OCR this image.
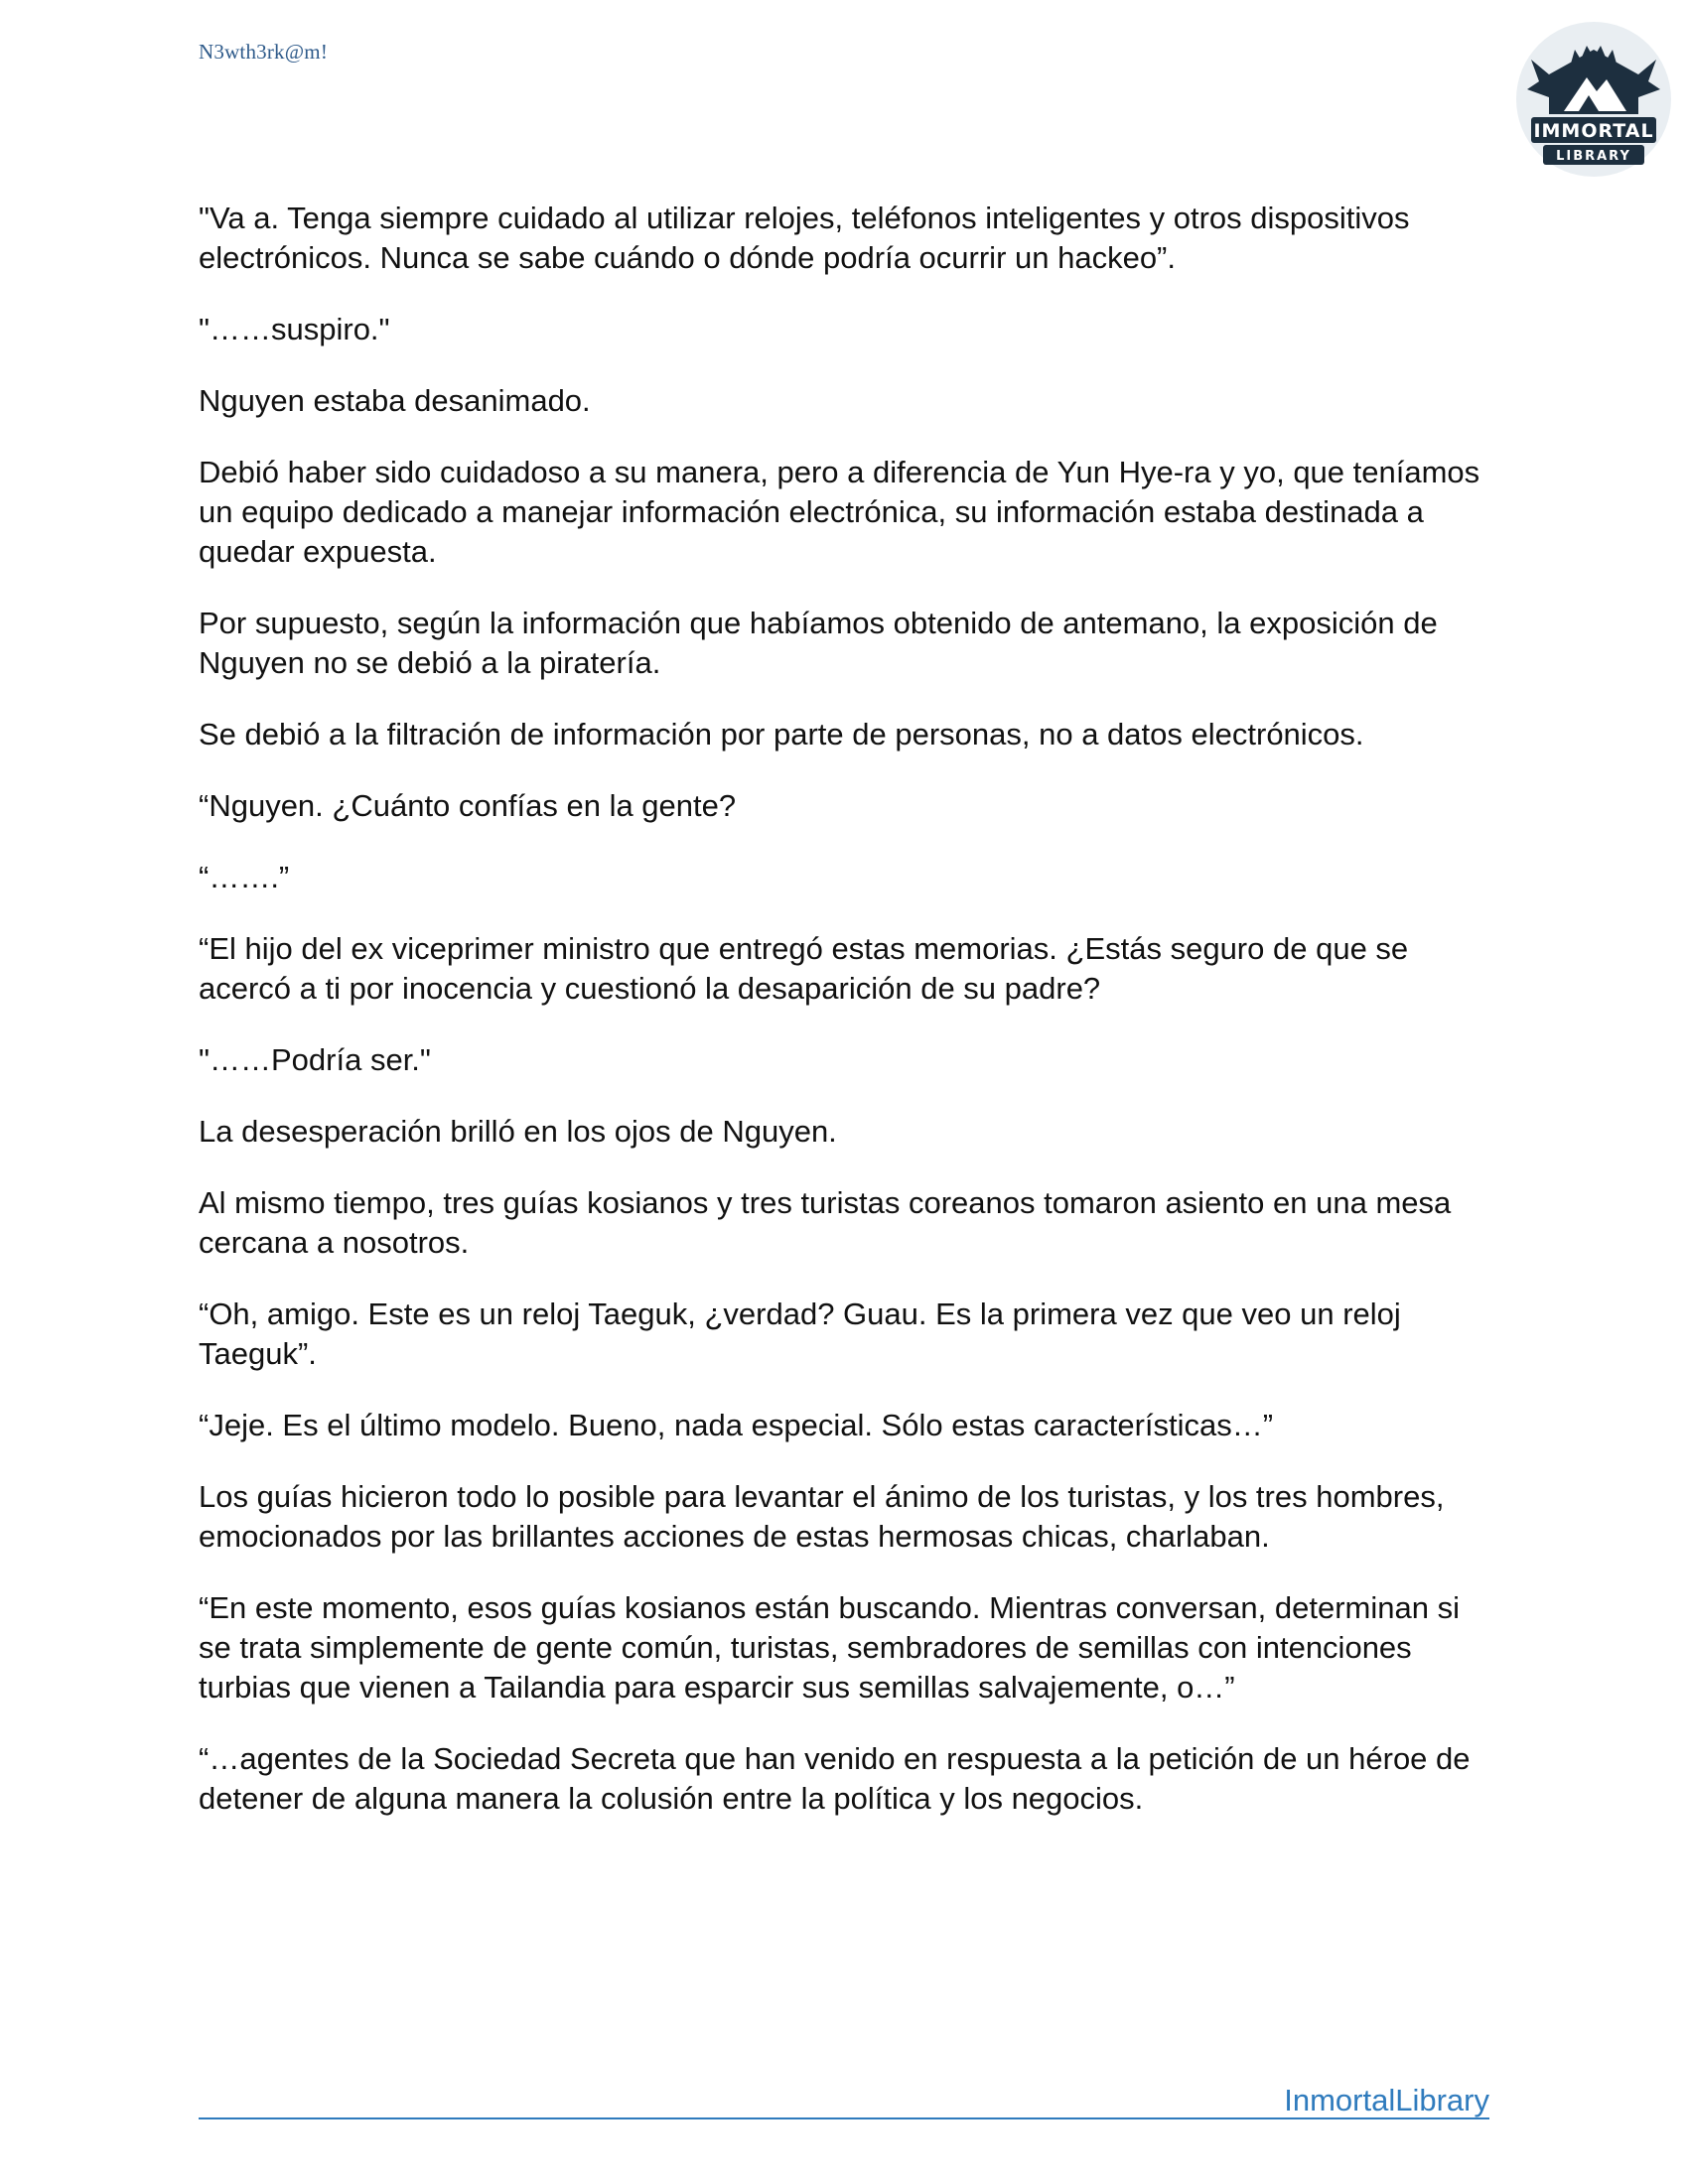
N3wth3rk@m!
IMMORTAL
LIBRARY

"Va a. Tenga siempre cuidado al utilizar relojes, teléfonos inteligentes y otros dispositivos electrónicos. Nunca se sabe cuándo o dónde podría ocurrir un hackeo”.

"……suspiro."

Nguyen estaba desanimado.

Debió haber sido cuidadoso a su manera, pero a diferencia de Yun Hye-ra y yo, que teníamos un equipo dedicado a manejar información electrónica, su información estaba destinada a quedar expuesta.

Por supuesto, según la información que habíamos obtenido de antemano, la exposición de Nguyen no se debió a la piratería.

Se debió a la filtración de información por parte de personas, no a datos electrónicos.

“Nguyen. ¿Cuánto confías en la gente?

“…….”

“El hijo del ex viceprimer ministro que entregó estas memorias. ¿Estás seguro de que se acercó a ti por inocencia y cuestionó la desaparición de su padre?

"……Podría ser."

La desesperación brilló en los ojos de Nguyen.

Al mismo tiempo, tres guías kosianos y tres turistas coreanos tomaron asiento en una mesa cercana a nosotros.

“Oh, amigo. Este es un reloj Taeguk, ¿verdad? Guau. Es la primera vez que veo un reloj Taeguk”.

“Jeje. Es el último modelo. Bueno, nada especial. Sólo estas características…”

Los guías hicieron todo lo posible para levantar el ánimo de los turistas, y los tres hombres, emocionados por las brillantes acciones de estas hermosas chicas, charlaban.

“En este momento, esos guías kosianos están buscando. Mientras conversan, determinan si se trata simplemente de gente común, turistas, sembradores de semillas con intenciones turbias que vienen a Tailandia para esparcir sus semillas salvajemente, o…”

“…agentes de la Sociedad Secreta que han venido en respuesta a la petición de un héroe de detener de alguna manera la colusión entre la política y los negocios.

InmortalLibrary
